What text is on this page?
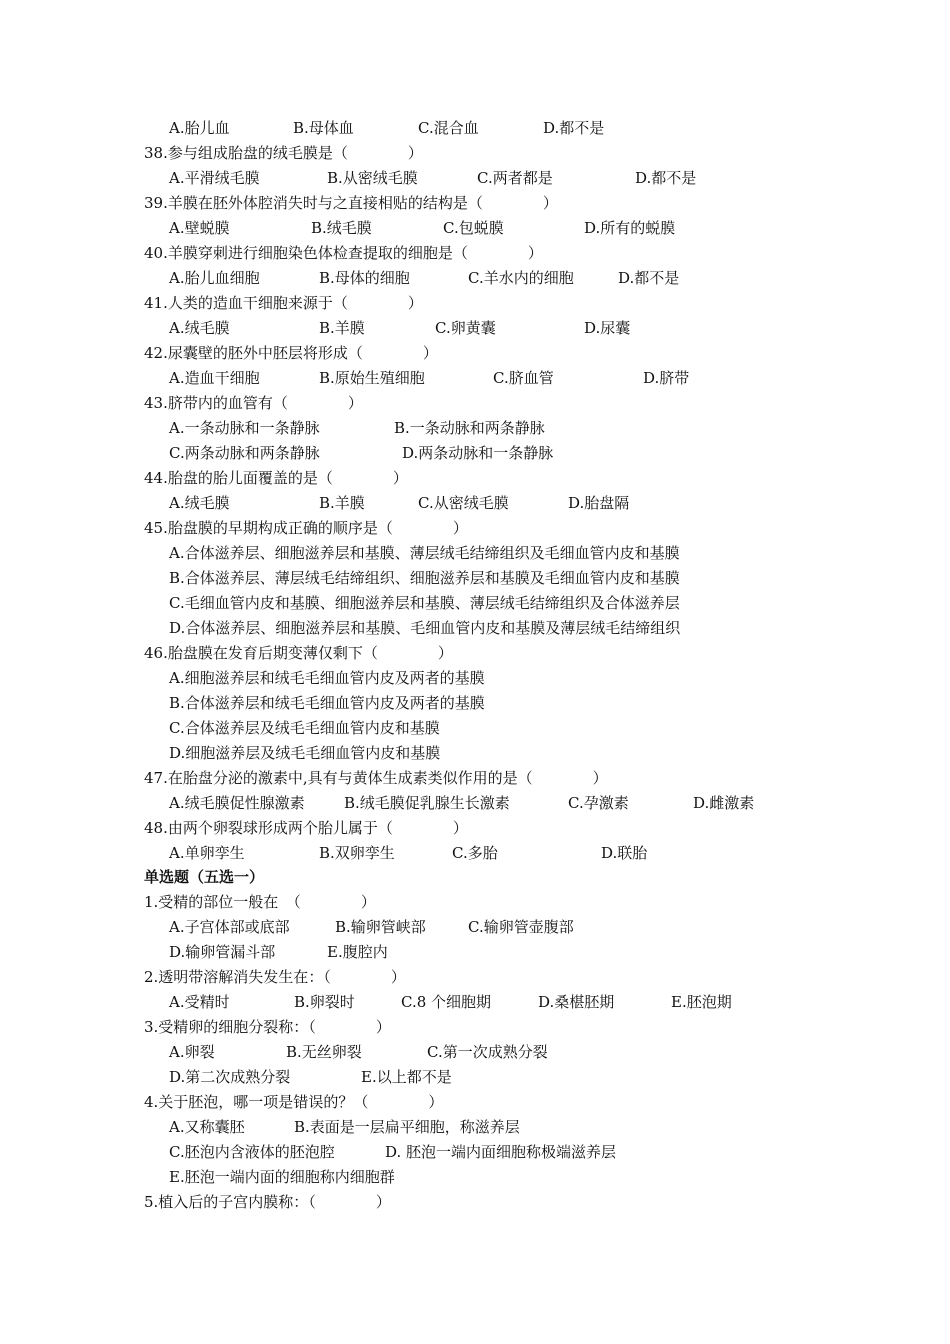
A.胎儿血	B.母体血	C.混合血	D.都不是
38.参与组成胎盘的绒毛膜是（　　　　）
A.平滑绒毛膜	B.从密绒毛膜	C.两者都是	D.都不是
39.羊膜在胚外体腔消失时与之直接相贴的结构是（　　　　）
A.壁蜕膜	B.绒毛膜	C.包蜕膜	D.所有的蜕膜
40.羊膜穿刺进行细胞染色体检查提取的细胞是（　　　　）
A.胎儿血细胞	B.母体的细胞	C.羊水内的细胞	D.都不是
41.人类的造血干细胞来源于（　　　　）
A.绒毛膜	B.羊膜	C.卵黄囊	D.尿囊
42.尿囊壁的胚外中胚层将形成（　　　　）
A.造血干细胞	B.原始生殖细胞	C.脐血管	D.脐带
43.脐带内的血管有（　　　　）
A.一条动脉和一条静脉	B.一条动脉和两条静脉
C.两条动脉和两条静脉	D.两条动脉和一条静脉
44.胎盘的胎儿面覆盖的是（　　　　）
A.绒毛膜	B.羊膜	C.从密绒毛膜	D.胎盘隔
45.胎盘膜的早期构成正确的顺序是（　　　　）
A.合体滋养层、细胞滋养层和基膜、薄层绒毛结缔组织及毛细血管内皮和基膜
B.合体滋养层、薄层绒毛结缔组织、细胞滋养层和基膜及毛细血管内皮和基膜
C.毛细血管内皮和基膜、细胞滋养层和基膜、薄层绒毛结缔组织及合体滋养层
D.合体滋养层、细胞滋养层和基膜、毛细血管内皮和基膜及薄层绒毛结缔组织
46.胎盘膜在发育后期变薄仅剩下（　　　　）
A.细胞滋养层和绒毛毛细血管内皮及两者的基膜
B.合体滋养层和绒毛毛细血管内皮及两者的基膜
C.合体滋养层及绒毛毛细血管内皮和基膜
D.细胞滋养层及绒毛毛细血管内皮和基膜
47.在胎盘分泌的激素中,具有与黄体生成素类似作用的是（　　　　）
A.绒毛膜促性腺激素	B.绒毛膜促乳腺生长激素	C.孕激素	D.雌激素
48.由两个卵裂球形成两个胎儿属于（　　　　）
A.单卵孪生	B.双卵孪生	C.多胎	D.联胎
单选题（五选一）
1.受精的部位一般在　（　　　　）
A.子宫体部或底部	B.输卵管峡部	C.输卵管壶腹部
D.输卵管漏斗部	E.腹腔内
2.透明带溶解消失发生在：（　　　　）
A.受精时	B.卵裂时	C.8 个细胞期	D.桑椹胚期	E.胚泡期
3.受精卵的细胞分裂称：（　　　　）
A.卵裂	B.无丝卵裂	C.第一次成熟分裂
D.第二次成熟分裂	E.以上都不是
4.关于胚泡，哪一项是错误的？（　　　　）
A.又称囊胚	B.表面是一层扁平细胞，称滋养层
C.胚泡内含液体的胚泡腔	D. 胚泡一端内面细胞称极端滋养层
E.胚泡一端内面的细胞称内细胞群
5.植入后的子宫内膜称：（　　　　）
